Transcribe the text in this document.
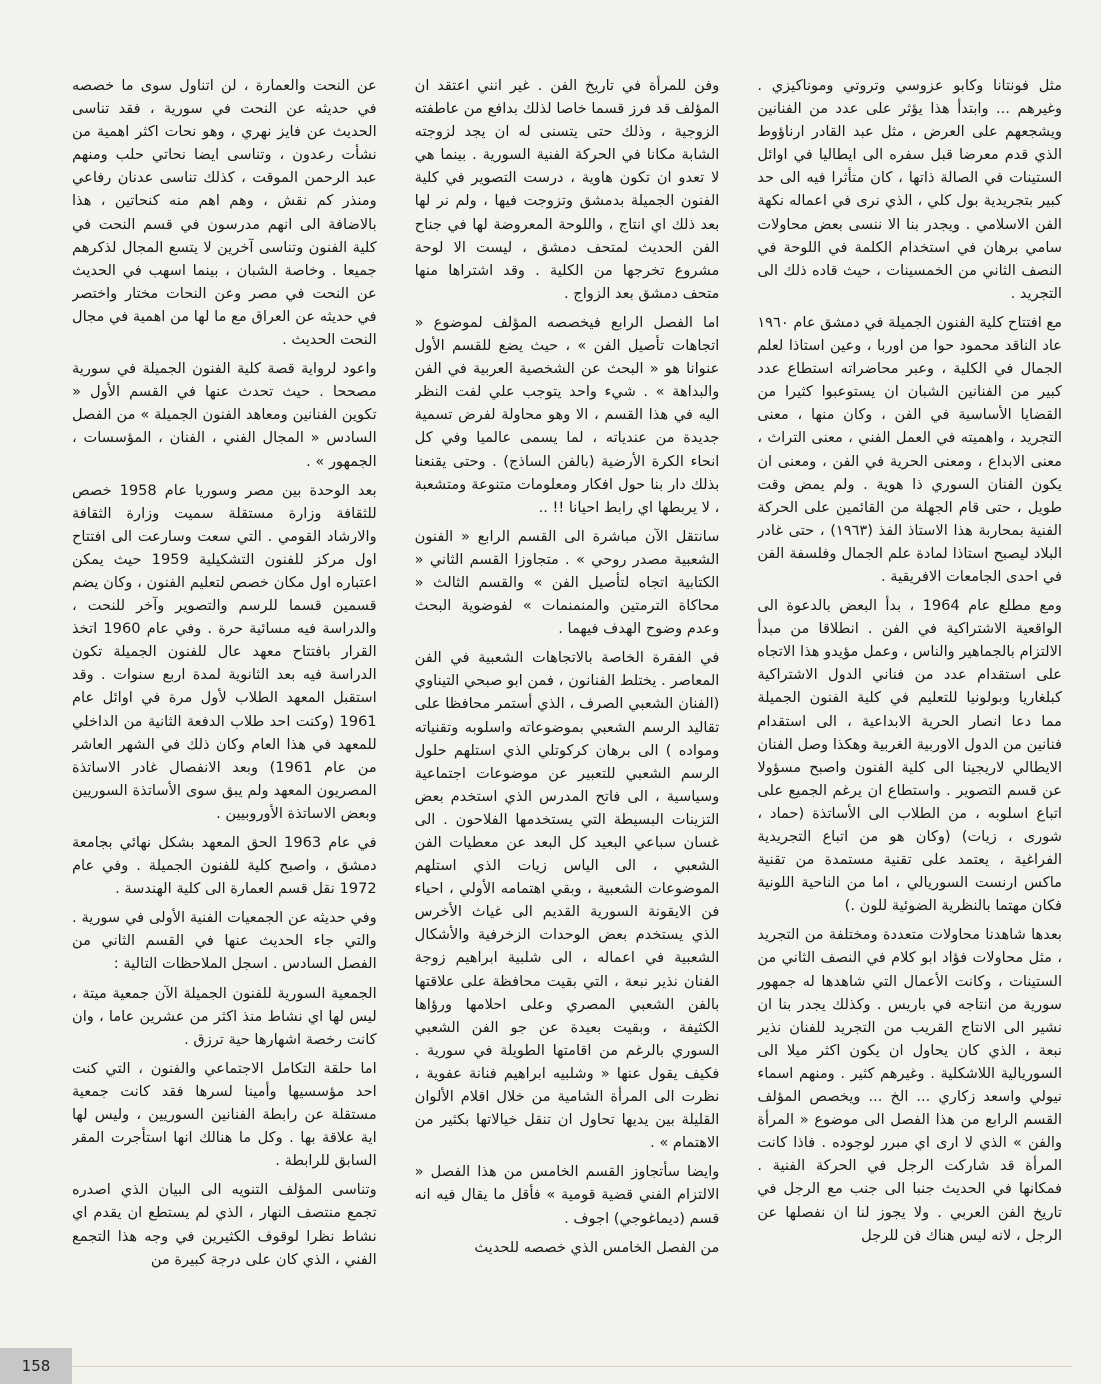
مثل فونتانا وكابو عزوسي وتروتي وموناكيزي . وغيرهم ... وابتدأ هذا يؤثر على عدد من الفنانين ويشجعهم على العرض ، مثل عبد القادر ارناؤوط الذي قدم معرضا قبل سفره الى ايطاليا في اوائل الستينات في الصالة ذاتها ، كان متأثرا فيه الى حد كبير بتجريدية بول كلي ، الذي نرى في اعماله نكهة الفن الاسلامي . ويجدر بنا الا ننسى بعض محاولات سامي برهان في استخدام الكلمة في اللوحة في النصف الثاني من الخمسينات ، حيث قاده ذلك الى التجريد .

مع افتتاح كلية الفنون الجميلة في دمشق عام ١٩٦٠ عاد الناقد محمود حوا من اوربا ، وعين استاذا لعلم الجمال في الكلية ، وعبر محاضراته استطاع عدد كبير من الفنانين الشبان ان يستوعبوا كثيرا من القضايا الأساسية في الفن ، وكان منها ، معنى التجريد ، واهميته في العمل الفني ، معنى التراث ، معنى الابداع ، ومعنى الحرية في الفن ، ومعنى ان يكون الفنان السوري ذا هوية . ولم يمض وقت طويل ، حتى قام الجهلة من القائمين على الحركة الفنية بمحاربة هذا الاستاذ الفذ (١٩٦٣) ، حتى غادر البلاد ليصبح استاذا لمادة علم الجمال وفلسفة الفن في احدى الجامعات الافريقية .

ومع مطلع عام 1964 ، بدأ البعض بالدعوة الى الواقعية الاشتراكية في الفن . انطلاقا من مبدأ الالتزام بالجماهير والناس ، وعمل مؤيدو هذا الاتجاه على استقدام عدد من فناني الدول الاشتراكية كبلغاريا وبولونيا للتعليم في كلية الفنون الجميلة مما دعا انصار الحرية الابداعية ، الى استقدام فنانين من الدول الاوربية الغربية وهكذا وصل الفنان الايطالي لاريجينا الى كلية الفنون واصبح مسؤولا عن قسم التصوير . واستطاع ان يرغم الجميع على اتباع اسلوبه ، من الطلاب الى الأساتذة (حماد ، شورى ، زيات) (وكان هو من اتباع التجريدية الفراغية ، يعتمد على تقنية مستمدة من تقنية ماكس ارنست السوريالي ، اما من الناحية اللونية فكان مهتما بالنظرية الضوئية للون .)

بعدها شاهدنا محاولات متعددة ومختلفة من التجريد ، مثل محاولات فؤاد ابو كلام في النصف الثاني من الستينات ، وكانت الأعمال التي شاهدها له جمهور سورية من انتاجه في باريس . وكذلك يجدر بنا ان نشير الى الانتاج القريب من التجريد للفنان نذير نبعة ، الذي كان يحاول ان يكون اكثر ميلا الى السوريالية اللاشكلية . وغيرهم كثير . ومنهم اسماء نيولي واسعد زكاري ... الخ ... ويخصص المؤلف القسم الرابع من هذا الفصل الى موضوع « المرأة والفن » الذي لا ارى اي مبرر لوجوده . فاذا كانت المرأة قد شاركت الرجل في الحركة الفنية . فمكانها في الحديث جنبا الى جنب مع الرجل في تاريخ الفن العربي . ولا يجوز لنا ان نفصلها عن الرجل ، لانه ليس هناك فن للرجل

وفن للمرأة في تاريخ الفن . غير انني اعتقد ان المؤلف قد فرز قسما خاصا لذلك بدافع من عاطفته الزوجية ، وذلك حتى يتسنى له ان يجد لزوجته الشابة مكانا في الحركة الفنية السورية . بينما هي لا تعدو ان تكون هاوية ، درست التصوير في كلية الفنون الجميلة بدمشق وتزوجت فيها ، ولم نر لها بعد ذلك اي انتاج ، واللوحة المعروضة لها في جناح الفن الحديث لمتحف دمشق ، ليست الا لوحة مشروع تخرجها من الكلية . وقد اشتراها منها متحف دمشق بعد الزواج .

اما الفصل الرابع فيخصصه المؤلف لموضوع « اتجاهات تأصيل الفن » ، حيث يضع للقسم الأول عنوانا هو « البحث عن الشخصية العربية في الفن والبداهة » . شيء واحد يتوجب علي لفت النظر اليه في هذا القسم ، الا وهو محاولة لفرض تسمية جديدة من عندياته ، لما يسمى عالميا وفي كل انحاء الكرة الأرضية (بالفن الساذج) . وحتى يقنعنا بذلك دار بنا حول افكار ومعلومات متنوعة ومتشعبة ، لا يربطها اي رابط احيانا !! ..

سانتقل الآن مباشرة الى القسم الرابع « الفنون الشعبية مصدر روحي » . متجاوزا القسم الثاني « الكتابية اتجاه لتأصيل الفن » والقسم الثالث « محاكاة الترمتين والمنمنمات » لفوضوية البحث وعدم وضوح الهدف فيهما .

في الفقرة الخاصة بالاتجاهات الشعبية في الفن المعاصر . يختلط الفنانون ، فمن ابو صبحي التيناوي (الفنان الشعبي الصرف ، الذي أستمر محافظا على تقاليد الرسم الشعبي بموضوعاته واسلوبه وتقنياته ومواده ) الى برهان كركوتلي الذي استلهم حلول الرسم الشعبي للتعبير عن موضوعات اجتماعية وسياسية ، الى فاتح المدرس الذي استخدم بعض التزينات البسيطة التي يستخدمها الفلاحون . الى غسان سباعي البعيد كل البعد عن معطيات الفن الشعبي ، الى الياس زيات الذي استلهم الموضوعات الشعبية ، وبقي اهتمامه الأولي ، احياء فن الايقونة السورية القديم الى غياث الأخرس الذي يستخدم بعض الوحدات الزخرفية والأشكال الشعبية في اعماله ، الى شلبية ابراهيم زوجة الفنان نذير نبعة ، التي بقيت محافظة على علاقتها بالفن الشعبي المصري وعلى احلامها ورؤاها الكثيفة ، وبقيت بعيدة عن جو الفن الشعبي السوري بالرغم من اقامتها الطويلة في سورية . فكيف يقول عنها « وشلبيه ابراهيم فنانة عفوية ، نظرت الى المرأة الشامية من خلال اقلام الألوان القليلة بين يديها تحاول ان تنقل خيالاتها بكثير من الاهتمام » .

وايضا سأتجاوز القسم الخامس من هذا الفصل « الالتزام الفني قضية قومية » فأقل ما يقال فيه انه قسم (ديماغوجي) اجوف .

من الفصل الخامس الذي خصصه للحديث

عن النحت والعمارة ، لن اتناول سوى ما خصصه في حديثه عن النحت في سورية ، فقد تناسى الحديث عن فايز نهري ، وهو نحات اكثر اهمية من نشأت رعدون ، وتناسى ايضا نحاتي حلب ومنهم عبد الرحمن الموقت ، كذلك تناسى عدنان رفاعي ومنذر كم نقش ، وهم اهم منه كنحاتين ، هذا بالاضافة الى انهم مدرسون في قسم النحت في كلية الفنون وتناسى آخرين لا يتسع المجال لذكرهم جميعا . وخاصة الشبان ، بينما اسهب في الحديث عن النحت في مصر وعن النحات مختار واختصر في حديثه عن العراق مع ما لها من اهمية في مجال النحت الحديث .

واعود لرواية قصة كلية الفنون الجميلة في سورية مصححا . حيث تحدث عنها في القسم الأول « تكوين الفنانين ومعاهد الفنون الجميلة » من الفصل السادس « المجال الفني ، الفنان ، المؤسسات ، الجمهور » .

بعد الوحدة بين مصر وسوريا عام 1958 خصص للثقافة وزارة مستقلة سميت وزارة الثقافة والارشاد القومي . التي سعت وسارعت الى افتتاح اول مركز للفنون التشكيلية 1959 حيث يمكن اعتباره اول مكان خصص لتعليم الفنون ، وكان يضم قسمين قسما للرسم والتصوير وآخر للنحت ، والدراسة فيه مسائية حرة . وفي عام 1960 اتخذ القرار بافتتاح معهد عال للفنون الجميلة تكون الدراسة فيه بعد الثانوية لمدة اربع سنوات . وقد استقبل المعهد الطلاب لأول مرة في اوائل عام 1961 (وكنت احد طلاب الدفعة الثانية من الداخلي للمعهد في هذا العام وكان ذلك في الشهر العاشر من عام 1961) وبعد الانفصال غادر الاساتذة المصريون المعهد ولم يبق سوى الأساتذة السوريين وبعض الاساتذة الأوروبيين .

في عام 1963 الحق المعهد بشكل نهائي بجامعة دمشق ، واصبح كلية للفنون الجميلة . وفي عام 1972 نقل قسم العمارة الى كلية الهندسة .

وفي حديثه عن الجمعيات الفنية الأولى في سورية . والتي جاء الحديث عنها في القسم الثاني من الفصل السادس . اسجل الملاحظات التالية :

الجمعية السورية للفنون الجميلة الآن جمعية ميتة ، ليس لها اي نشاط منذ اكثر من عشرين عاما ، وان كانت رخصة اشهارها حية ترزق .

اما حلقة التكامل الاجتماعي والفنون ، التي كنت احد مؤسسيها وأمينا لسرها فقد كانت جمعية مستقلة عن رابطة الفنانين السوريين ، وليس لها اية علاقة بها . وكل ما هنالك انها استأجرت المقر السابق للرابطة .

وتناسى المؤلف التنويه الى البيان الذي اصدره تجمع منتصف النهار ، الذي لم يستطع ان يقدم اي نشاط نظرا لوقوف الكثيرين في وجه هذا التجمع الفني ، الذي كان على درجة كبيرة من

158
